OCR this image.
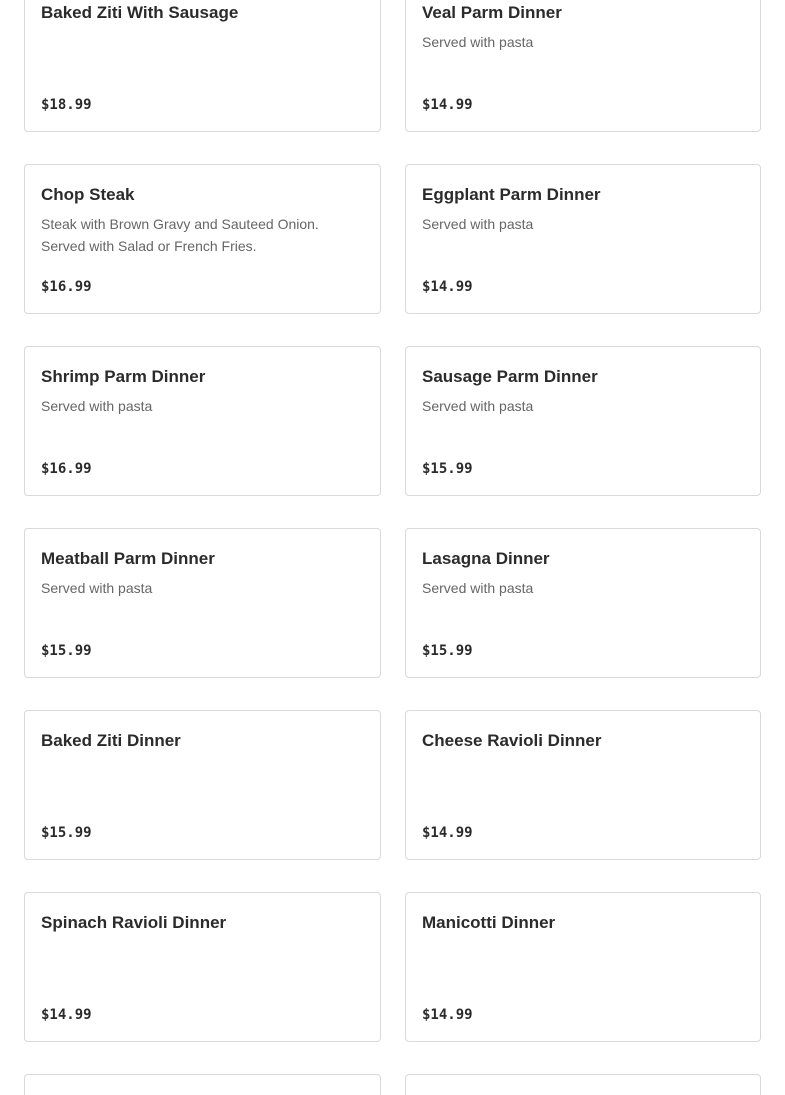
Baked Ziti With Sausage
$18.99
Veal Parm Dinner
Served with pasta
$14.99
Chop Steak
Steak with Brown Gravy and Sauteed Onion. Served with Salad or French Fries.
$16.99
Eggplant Parm Dinner
Served with pasta
$14.99
Shrimp Parm Dinner
Served with pasta
$16.99
Sausage Parm Dinner
Served with pasta
$15.99
Meatball Parm Dinner
Served with pasta
$15.99
Lasagna Dinner
Served with pasta
$15.99
Baked Ziti Dinner
$15.99
Cheese Ravioli Dinner
$14.99
Spinach Ravioli Dinner
$14.99
Manicotti Dinner
$14.99
